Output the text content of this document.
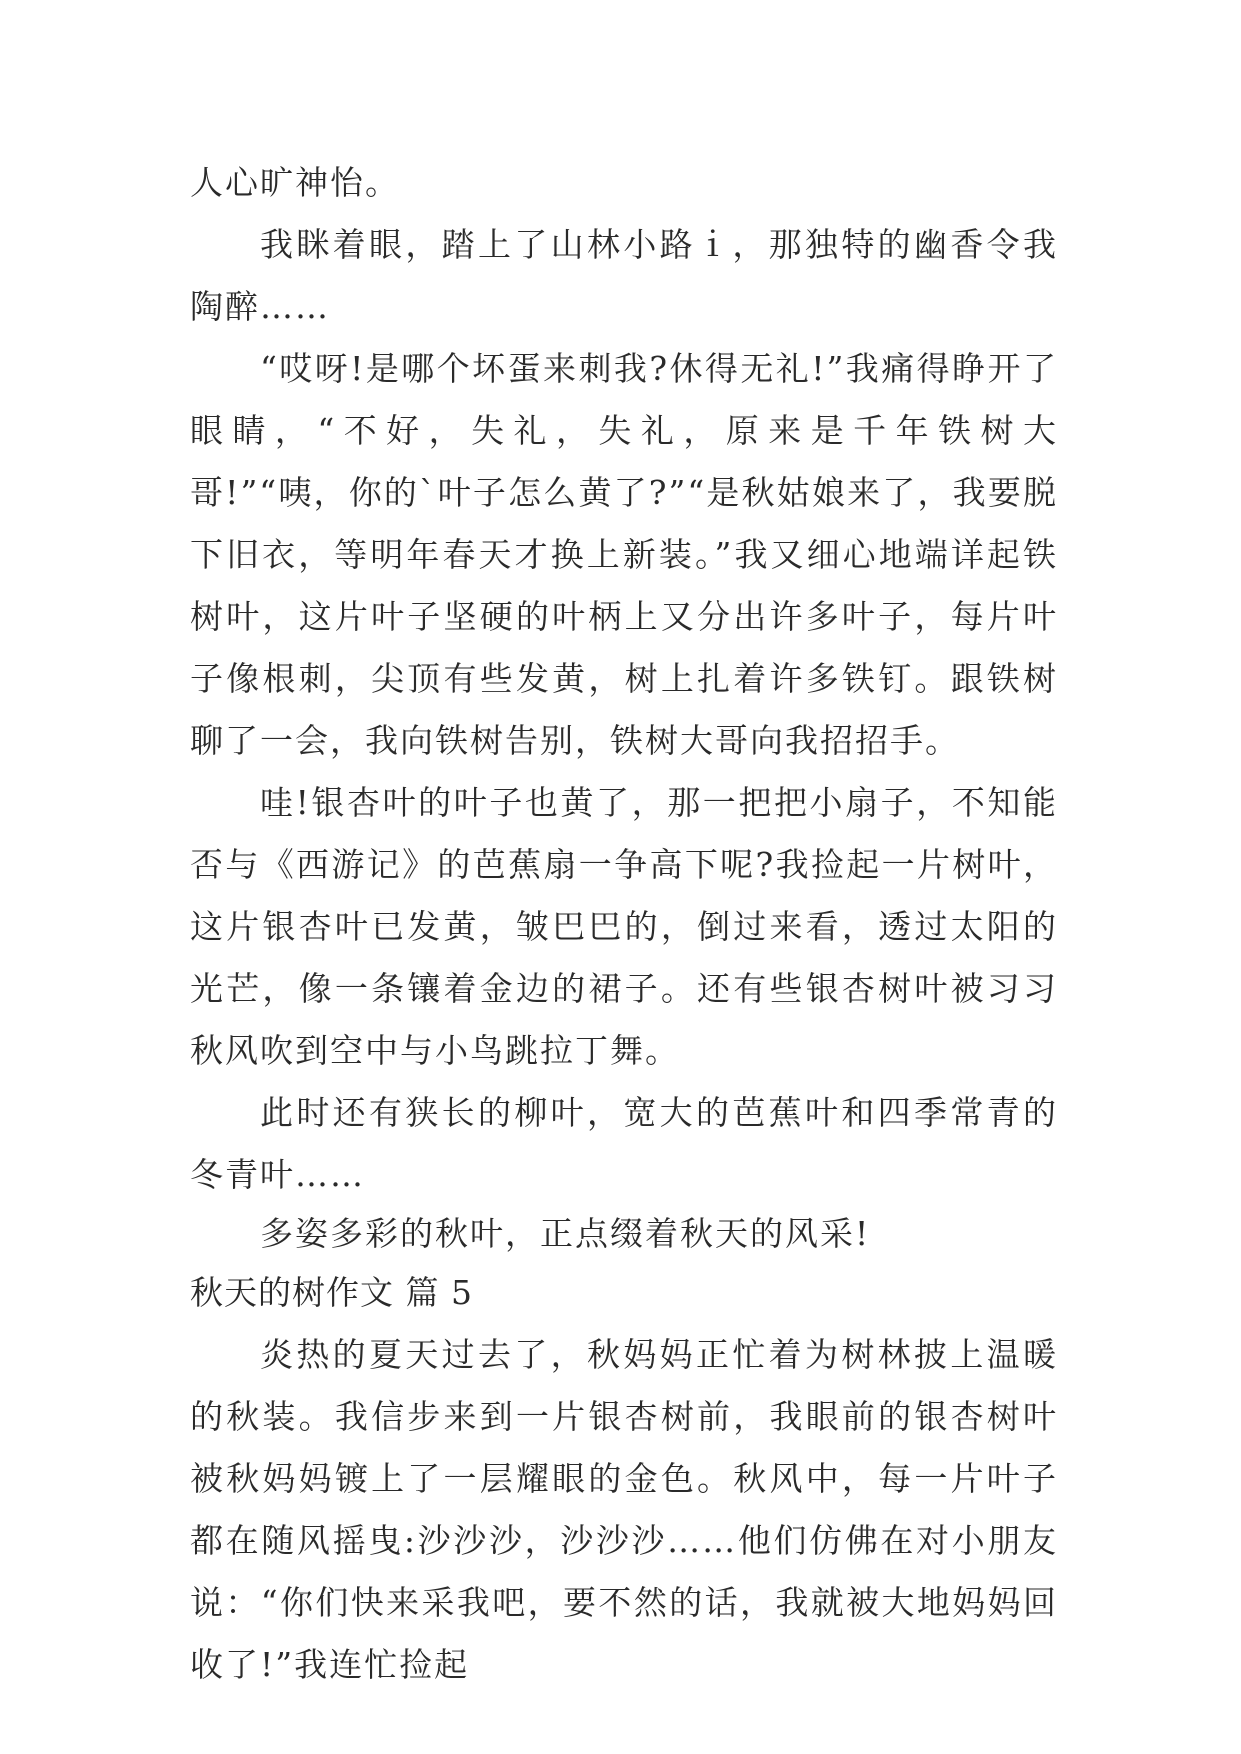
人心旷神怡。

我眯着眼，踏上了山林小路ｉ，那独特的幽香令我陶醉……

“哎呀!是哪个坏蛋来刺我?休得无礼!”我痛得睁开了眼睛，“不好，失礼，失礼，原来是千年铁树大哥!”“咦，你的`叶子怎么黄了?”“是秋姑娘来了，我要脱下旧衣，等明年春天才换上新装。”我又细心地端详起铁树叶，这片叶子坚硬的叶柄上又分出许多叶子，每片叶子像根刺，尖顶有些发黄，树上扎着许多铁钉。跟铁树聊了一会，我向铁树告别，铁树大哥向我招招手。

哇!银杏叶的叶子也黄了，那一把把小扇子，不知能否与《西游记》的芭蕉扇一争高下呢?我捡起一片树叶，这片银杏叶已发黄，皱巴巴的，倒过来看，透过太阳的光芒，像一条镶着金边的裙子。还有些银杏树叶被习习秋风吹到空中与小鸟跳拉丁舞。

此时还有狭长的柳叶，宽大的芭蕉叶和四季常青的冬青叶……

多姿多彩的秋叶，正点缀着秋天的风采!

秋天的树作文 篇 5

炎热的夏天过去了，秋妈妈正忙着为树林披上温暖的秋装。我信步来到一片银杏树前，我眼前的银杏树叶被秋妈妈镀上了一层耀眼的金色。秋风中，每一片叶子都在随风摇曳:沙沙沙，沙沙沙……他们仿佛在对小朋友说：“你们快来采我吧，要不然的话，我就被大地妈妈回收了!”我连忙捡起
